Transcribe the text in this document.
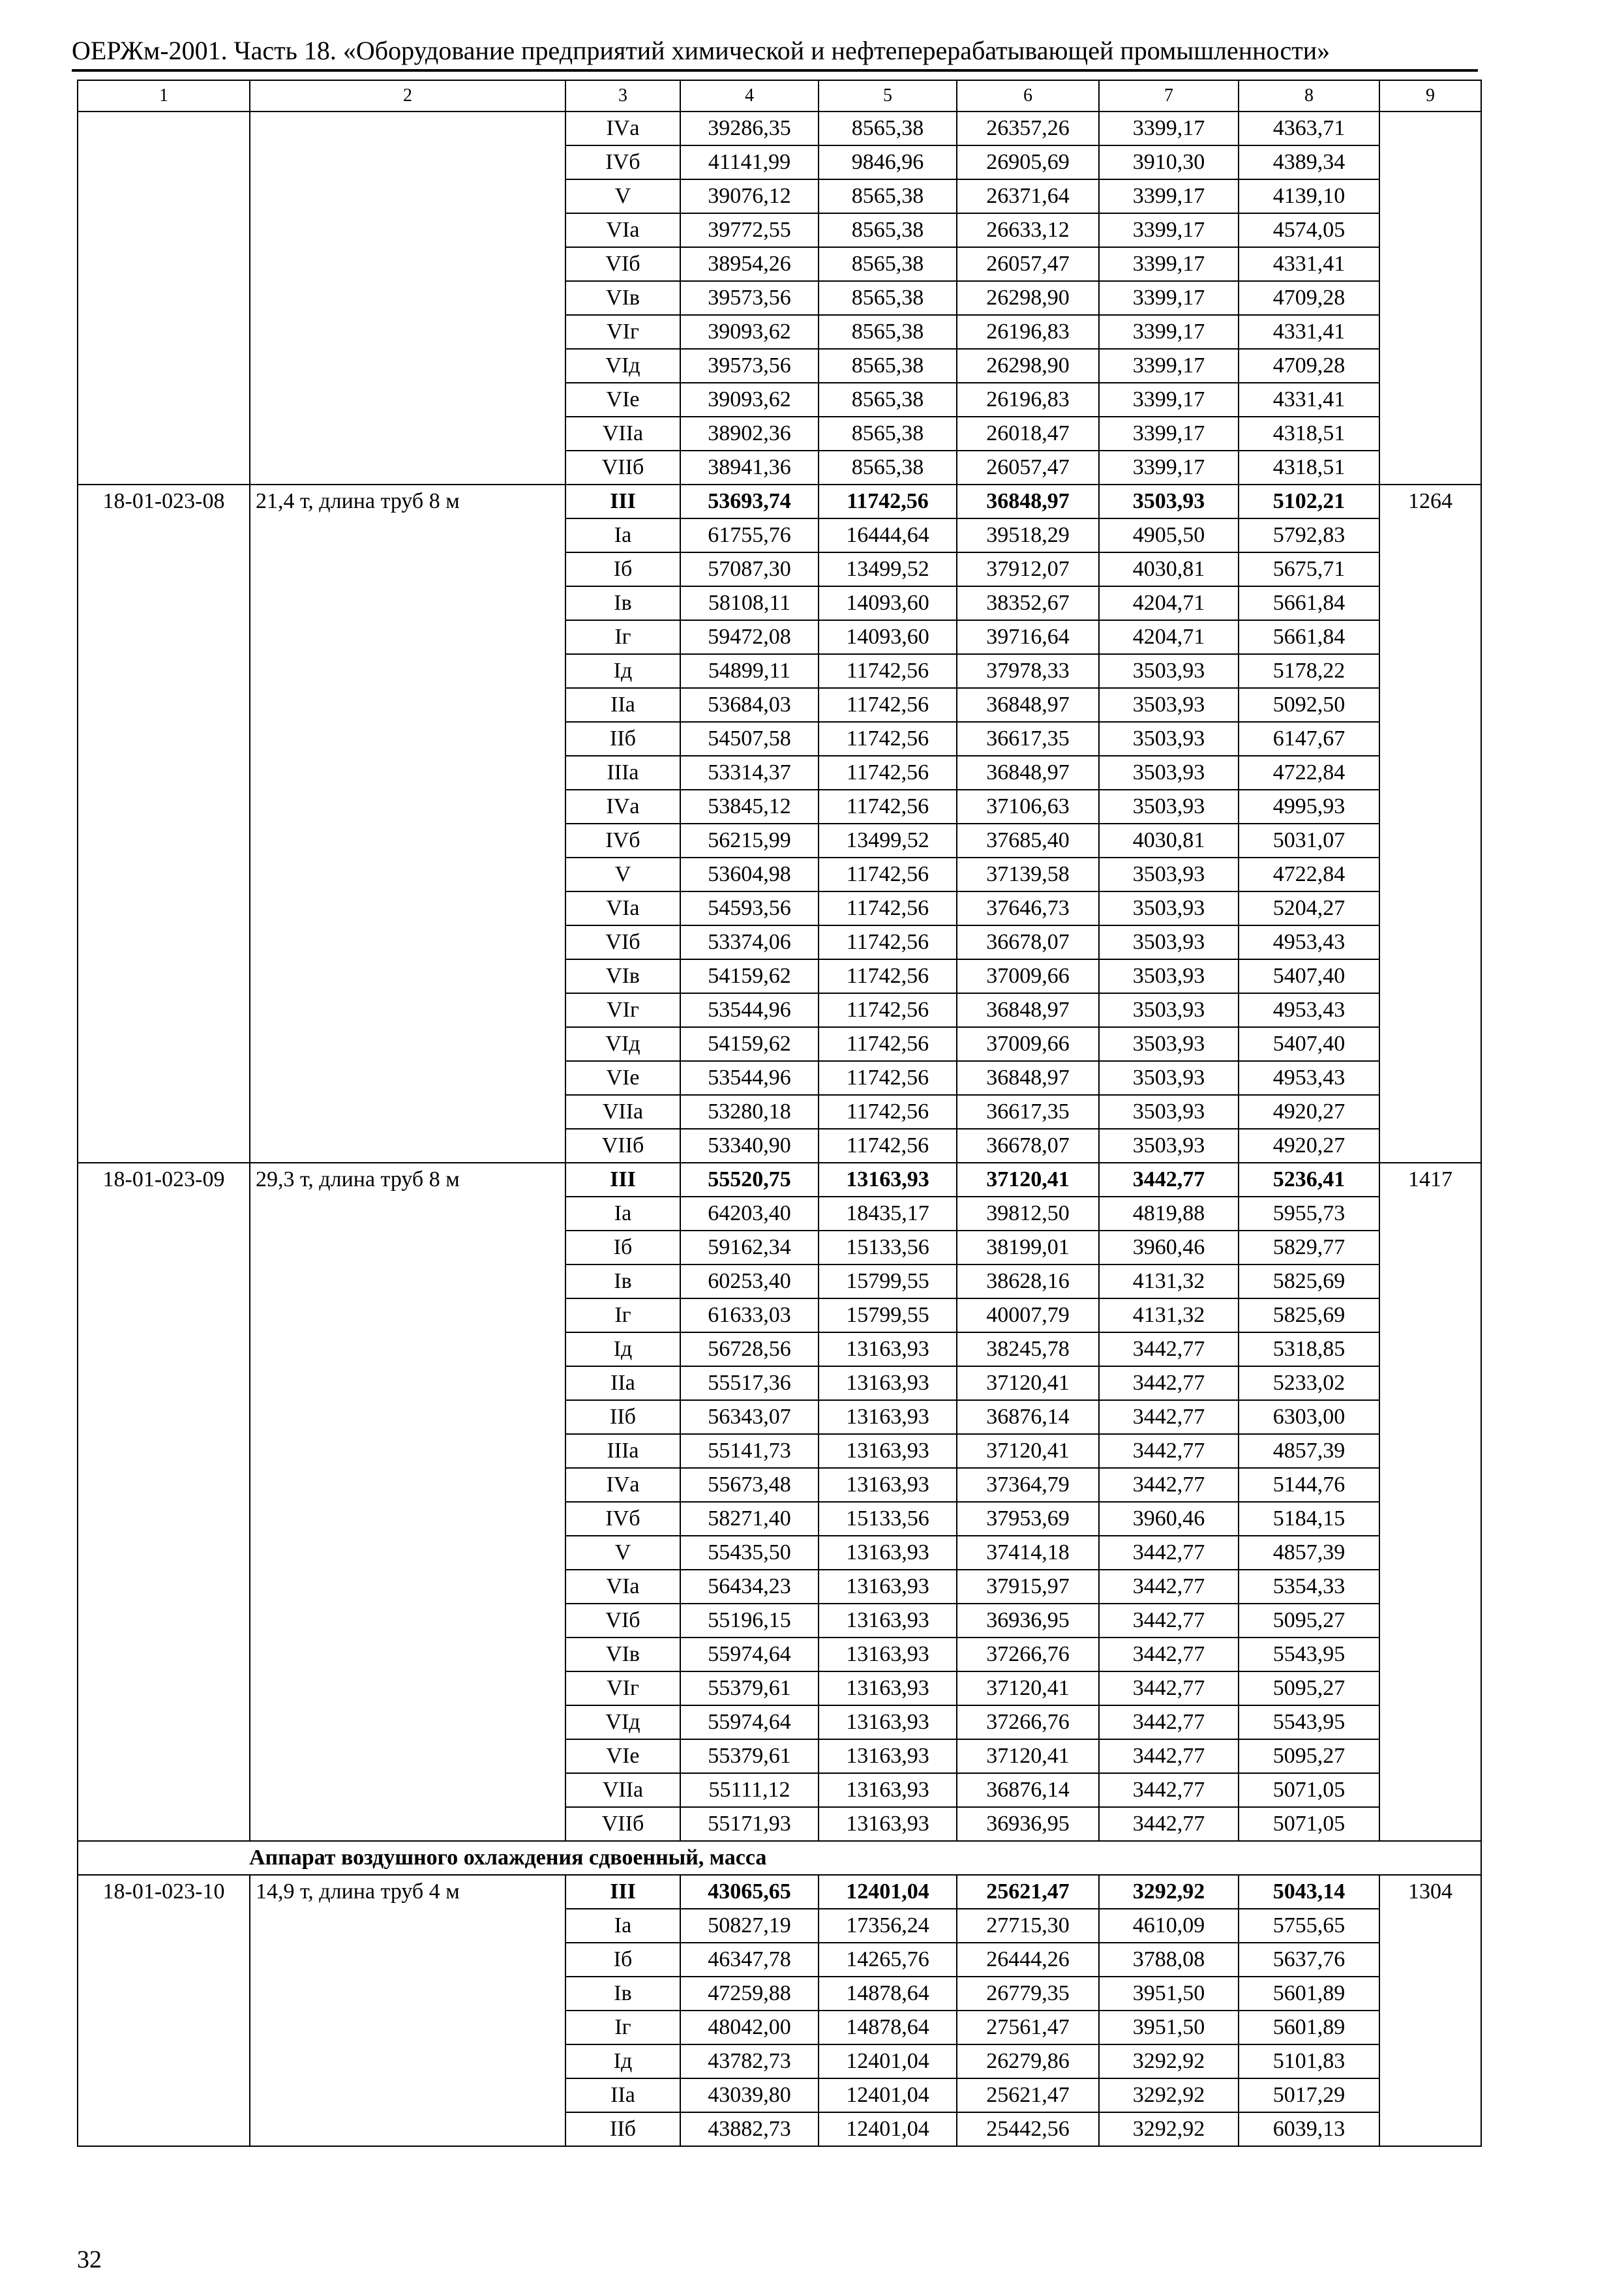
ОЕРЖм-2001. Часть 18. «Оборудование предприятий химической и нефтеперерабатывающей промышленности»
1	2	3	4	5	6	7	8	9
		IVа	39286,35	8565,38	26357,26	3399,17	4363,71	
		IVб	41141,99	9846,96	26905,69	3910,30	4389,34	
		V	39076,12	8565,38	26371,64	3399,17	4139,10	
		VIа	39772,55	8565,38	26633,12	3399,17	4574,05	
		VIб	38954,26	8565,38	26057,47	3399,17	4331,41	
		VIв	39573,56	8565,38	26298,90	3399,17	4709,28	
		VIг	39093,62	8565,38	26196,83	3399,17	4331,41	
		VIд	39573,56	8565,38	26298,90	3399,17	4709,28	
		VIе	39093,62	8565,38	26196,83	3399,17	4331,41	
		VIIа	38902,36	8565,38	26018,47	3399,17	4318,51	
		VIIб	38941,36	8565,38	26057,47	3399,17	4318,51	
18-01-023-08	21,4 т, длина труб 8 м	III	53693,74	11742,56	36848,97	3503,93	5102,21	1264
		Iа	61755,76	16444,64	39518,29	4905,50	5792,83	
		Iб	57087,30	13499,52	37912,07	4030,81	5675,71	
		Iв	58108,11	14093,60	38352,67	4204,71	5661,84	
		Iг	59472,08	14093,60	39716,64	4204,71	5661,84	
		Iд	54899,11	11742,56	37978,33	3503,93	5178,22	
		IIа	53684,03	11742,56	36848,97	3503,93	5092,50	
		IIб	54507,58	11742,56	36617,35	3503,93	6147,67	
		IIIа	53314,37	11742,56	36848,97	3503,93	4722,84	
		IVа	53845,12	11742,56	37106,63	3503,93	4995,93	
		IVб	56215,99	13499,52	37685,40	4030,81	5031,07	
		V	53604,98	11742,56	37139,58	3503,93	4722,84	
		VIа	54593,56	11742,56	37646,73	3503,93	5204,27	
		VIб	53374,06	11742,56	36678,07	3503,93	4953,43	
		VIв	54159,62	11742,56	37009,66	3503,93	5407,40	
		VIг	53544,96	11742,56	36848,97	3503,93	4953,43	
		VIд	54159,62	11742,56	37009,66	3503,93	5407,40	
		VIе	53544,96	11742,56	36848,97	3503,93	4953,43	
		VIIа	53280,18	11742,56	36617,35	3503,93	4920,27	
		VIIб	53340,90	11742,56	36678,07	3503,93	4920,27	
18-01-023-09	29,3 т, длина труб 8 м	III	55520,75	13163,93	37120,41	3442,77	5236,41	1417
		Iа	64203,40	18435,17	39812,50	4819,88	5955,73	
		Iб	59162,34	15133,56	38199,01	3960,46	5829,77	
		Iв	60253,40	15799,55	38628,16	4131,32	5825,69	
		Iг	61633,03	15799,55	40007,79	4131,32	5825,69	
		Iд	56728,56	13163,93	38245,78	3442,77	5318,85	
		IIа	55517,36	13163,93	37120,41	3442,77	5233,02	
		IIб	56343,07	13163,93	36876,14	3442,77	6303,00	
		IIIа	55141,73	13163,93	37120,41	3442,77	4857,39	
		IVа	55673,48	13163,93	37364,79	3442,77	5144,76	
		IVб	58271,40	15133,56	37953,69	3960,46	5184,15	
		V	55435,50	13163,93	37414,18	3442,77	4857,39	
		VIа	56434,23	13163,93	37915,97	3442,77	5354,33	
		VIб	55196,15	13163,93	36936,95	3442,77	5095,27	
		VIв	55974,64	13163,93	37266,76	3442,77	5543,95	
		VIг	55379,61	13163,93	37120,41	3442,77	5095,27	
		VIд	55974,64	13163,93	37266,76	3442,77	5543,95	
		VIе	55379,61	13163,93	37120,41	3442,77	5095,27	
		VIIа	55111,12	13163,93	36876,14	3442,77	5071,05	
		VIIб	55171,93	13163,93	36936,95	3442,77	5071,05	
Аппарат воздушного охлаждения сдвоенный, масса								
18-01-023-10	14,9 т, длина труб 4 м	III	43065,65	12401,04	25621,47	3292,92	5043,14	1304
		Iа	50827,19	17356,24	27715,30	4610,09	5755,65	
		Iб	46347,78	14265,76	26444,26	3788,08	5637,76	
		Iв	47259,88	14878,64	26779,35	3951,50	5601,89	
		Iг	48042,00	14878,64	27561,47	3951,50	5601,89	
		Iд	43782,73	12401,04	26279,86	3292,92	5101,83	
		IIа	43039,80	12401,04	25621,47	3292,92	5017,29	
		IIб	43882,73	12401,04	25442,56	3292,92	6039,13	
32
